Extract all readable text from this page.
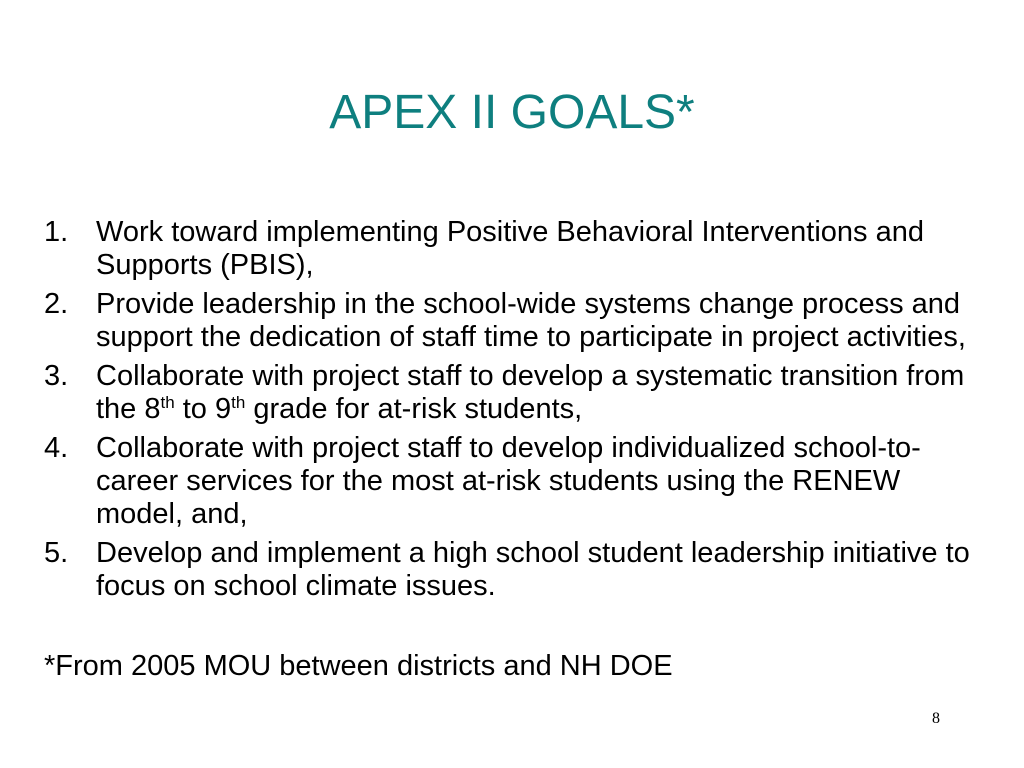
APEX II GOALS*
1. Work toward implementing Positive Behavioral Interventions and Supports (PBIS),
2. Provide leadership in the school-wide systems change process and support the dedication of staff time to participate in project activities,
3. Collaborate with project staff to develop a systematic transition from the 8th to 9th grade for at-risk students,
4. Collaborate with project staff to develop individualized school-to-career services for the most at-risk students using the RENEW model, and,
5. Develop and implement a high school student leadership initiative to focus on school climate issues.

*From 2005 MOU between districts and NH DOE

8
